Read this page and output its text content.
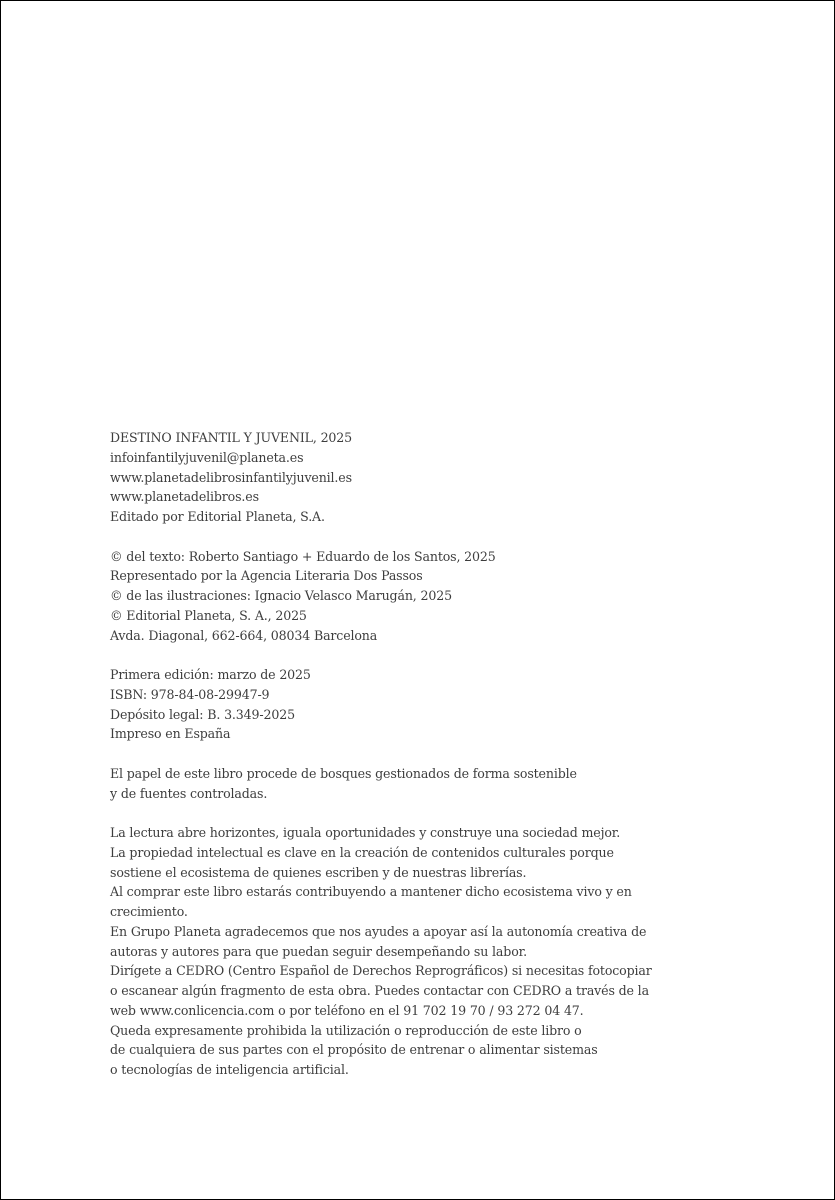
DESTINO INFANTIL Y JUVENIL, 2025
infoinfantilyjuvenil@planeta.es
www.planetadelibrosinfantilyjuvenil.es
www.planetadelibros.es
Editado por Editorial Planeta, S.A.
© del texto: Roberto Santiago + Eduardo de los Santos, 2025
Representado por la Agencia Literaria Dos Passos
© de las ilustraciones: Ignacio Velasco Marugán, 2025
© Editorial Planeta, S. A., 2025
Avda. Diagonal, 662-664, 08034 Barcelona
Primera edición: marzo de 2025
ISBN: 978-84-08-29947-9
Depósito legal: B. 3.349-2025
Impreso en España
El papel de este libro procede de bosques gestionados de forma sostenible
y de fuentes controladas.
La lectura abre horizontes, iguala oportunidades y construye una sociedad mejor.
La propiedad intelectual es clave en la creación de contenidos culturales porque
sostiene el ecosistema de quienes escriben y de nuestras librerías.
Al comprar este libro estarás contribuyendo a mantener dicho ecosistema vivo y en
crecimiento.
En Grupo Planeta agradecemos que nos ayudes a apoyar así la autonomía creativa de
autoras y autores para que puedan seguir desempeñando su labor.
Dirígete a CEDRO (Centro Español de Derechos Reprográficos) si necesitas fotocopiar
o escanear algún fragmento de esta obra. Puedes contactar con CEDRO a través de la
web www.conlicencia.com o por teléfono en el 91 702 19 70 / 93 272 04 47.
Queda expresamente prohibida la utilización o reproducción de este libro o
de cualquiera de sus partes con el propósito de entrenar o alimentar sistemas
o tecnologías de inteligencia artificial.
